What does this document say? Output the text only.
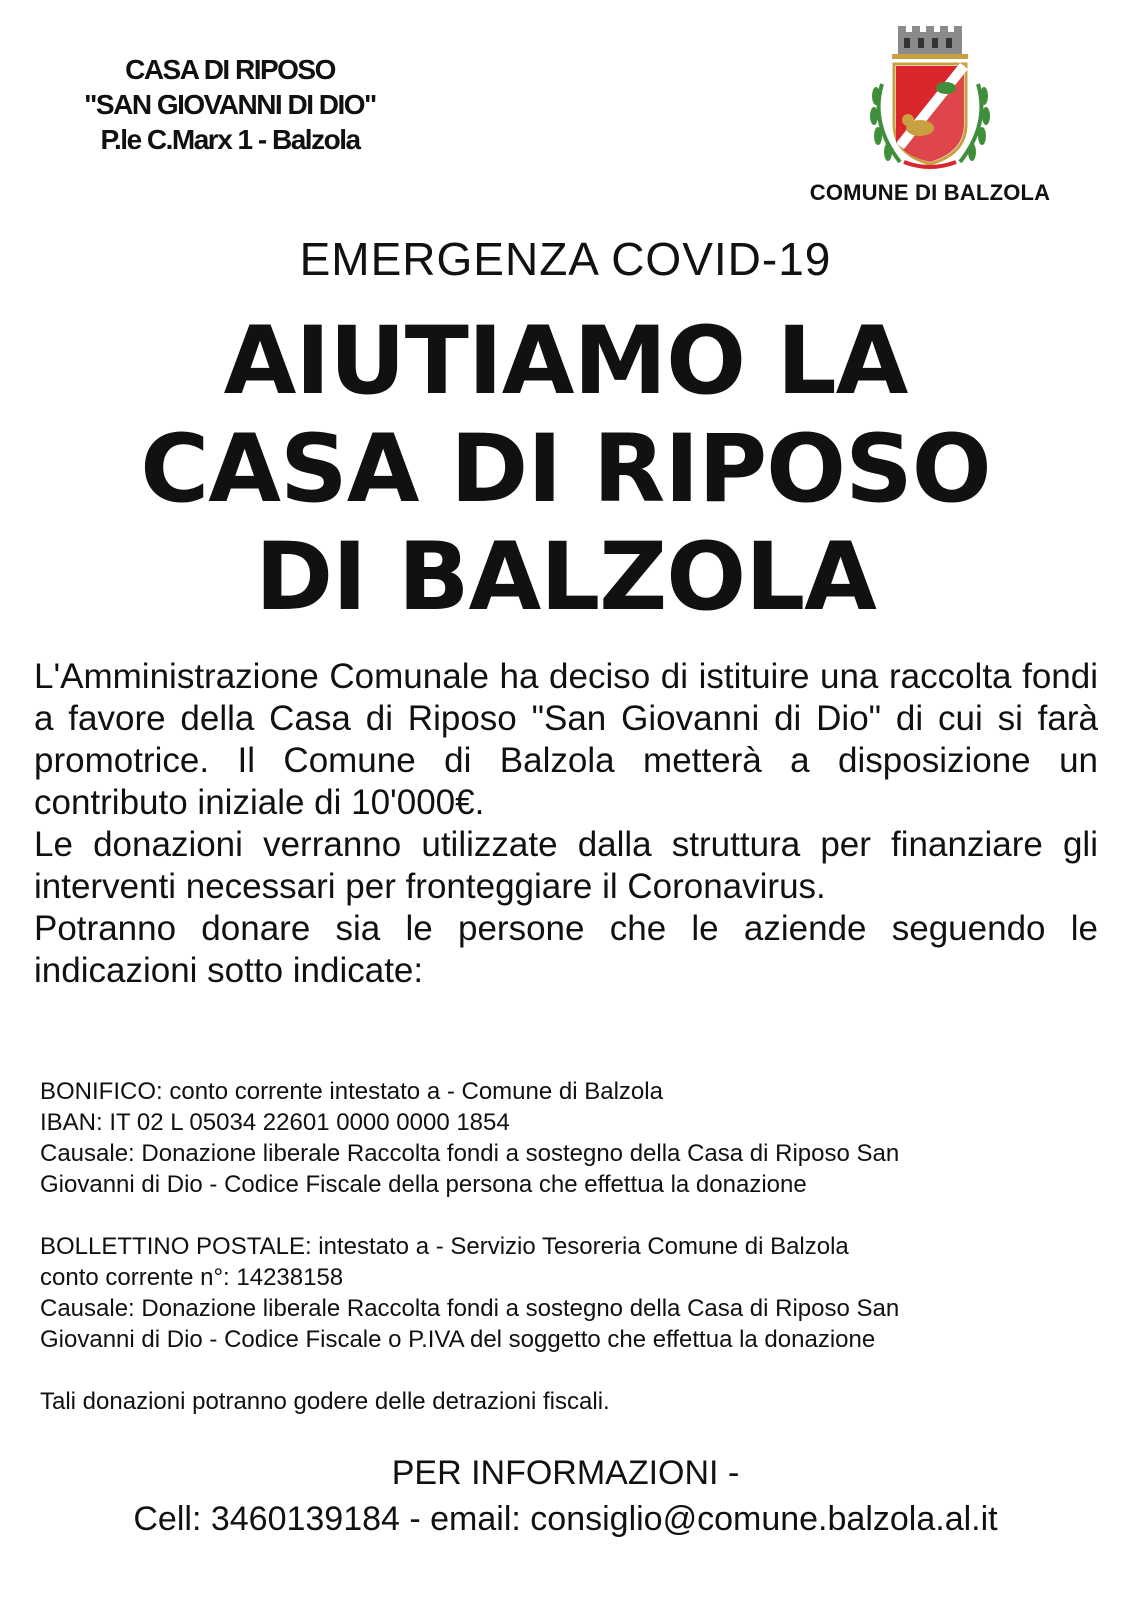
CASA DI RIPOSO
"SAN GIOVANNI DI DIO"
P.le C.Marx 1 - Balzola
COMUNE DI BALZOLA
EMERGENZA COVID-19
AIUTIAMO LA
CASA DI RIPOSO
DI BALZOLA

L'Amministrazione Comunale ha deciso di istituire una raccolta fondi a favore della Casa di Riposo "San Giovanni di Dio" di cui si farà promotrice. Il Comune di Balzola metterà a disposizione un contributo iniziale di 10'000€.

Le donazioni verranno utilizzate dalla struttura per finanziare gli interventi necessari per fronteggiare il Coronavirus.

Potranno donare sia le persone che le aziende seguendo le indicazioni sotto indicate:

BONIFICO: conto corrente intestato a - Comune di Balzola
IBAN: IT 02 L 05034 22601 0000 0000 1854
Causale: Donazione liberale Raccolta fondi a sostegno della Casa di Riposo San
Giovanni di Dio - Codice Fiscale della persona che effettua la donazione
BOLLETTINO POSTALE: intestato a - Servizio Tesoreria Comune di Balzola
conto corrente n°: 14238158
Causale: Donazione liberale Raccolta fondi a sostegno della Casa di Riposo San
Giovanni di Dio - Codice Fiscale o P.IVA del soggetto che effettua la donazione
Tali donazioni potranno godere delle detrazioni fiscali.
PER INFORMAZIONI -
Cell: 3460139184 - email: consiglio@comune.balzola.al.it
